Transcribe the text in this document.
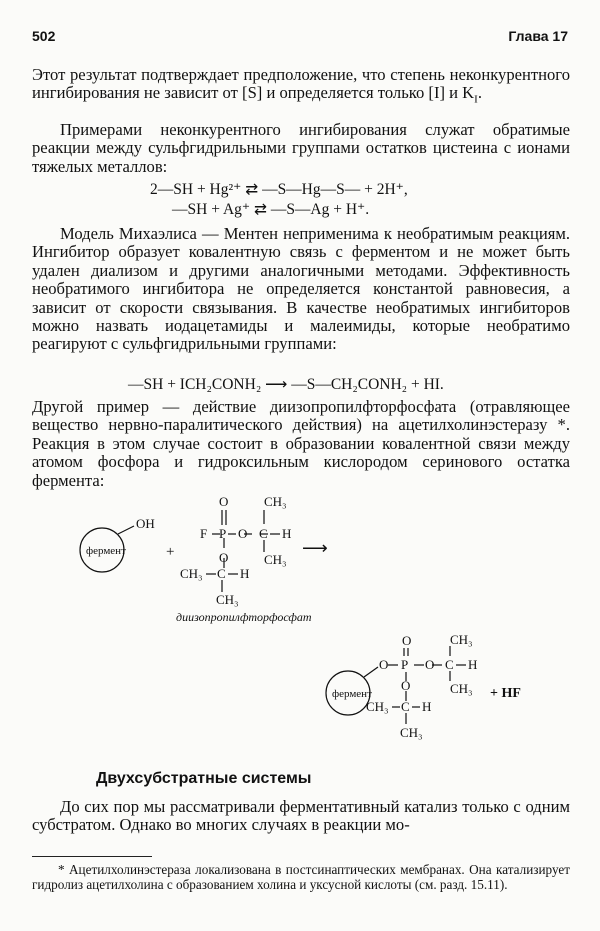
502	Глава 17

Этот результат подтверждает предположение, что степень неконкурентного ингибирования не зависит от [S] и определяется только [I] и $K_I$.

Примерами неконкурентного ингибирования служат обратимые реакции между сульфгидрильными группами остатков цистеина с ионами тяжелых металлов:

2—SH + Hg²⁺ ⇄ —S—Hg—S— + 2H⁺,
—SH + Ag⁺ ⇄ —S—Ag + H⁺.

Модель Михаэлиса — Ментен неприменима к необратимым реакциям. Ингибитор образует ковалентную связь с ферментом и не может быть удален диализом и другими аналогичными методами. Эффективность необратимого ингибитора не определяется константой равновесия, а зависит от скорости связывания. В качестве необратимых ингибиторов можно назвать иодацетамиды и малеимиды, которые необратимо реагируют с сульфгидрильными группами:

—SH + ICH₂CONH₂ ⟶ —S—CH₂CONH₂ + HI.

Другой пример — действие диизопропилфторфосфата (отравляющее вещество нервно-паралитического действия) на ацетилхолинэстеразу *. Реакция в этом случае состоит в образовании ковалентной связи между атомом фосфора и гидроксильным кислородом серинового остатка фермента:

фермент
OH
+
O
F P O C
CH₃
H
CH₃
O
CH₃ C H
CH₃
⟶
диизопропилфторфосфат
фермент
O
O P O C
CH₃
H
CH₃ + HF
O
CH₃ C H
CH₃
Двухсубстратные системы

До сих пор мы рассматривали ферментативный катализ только с одним субстратом. Однако во многих случаях в реакции мо-

* Ацетилхолинэстераза локализована в постсинаптических мембранах. Она катализирует гидролиз ацетилхолина с образованием холина и уксусной кислоты (см. разд. 15.11).
